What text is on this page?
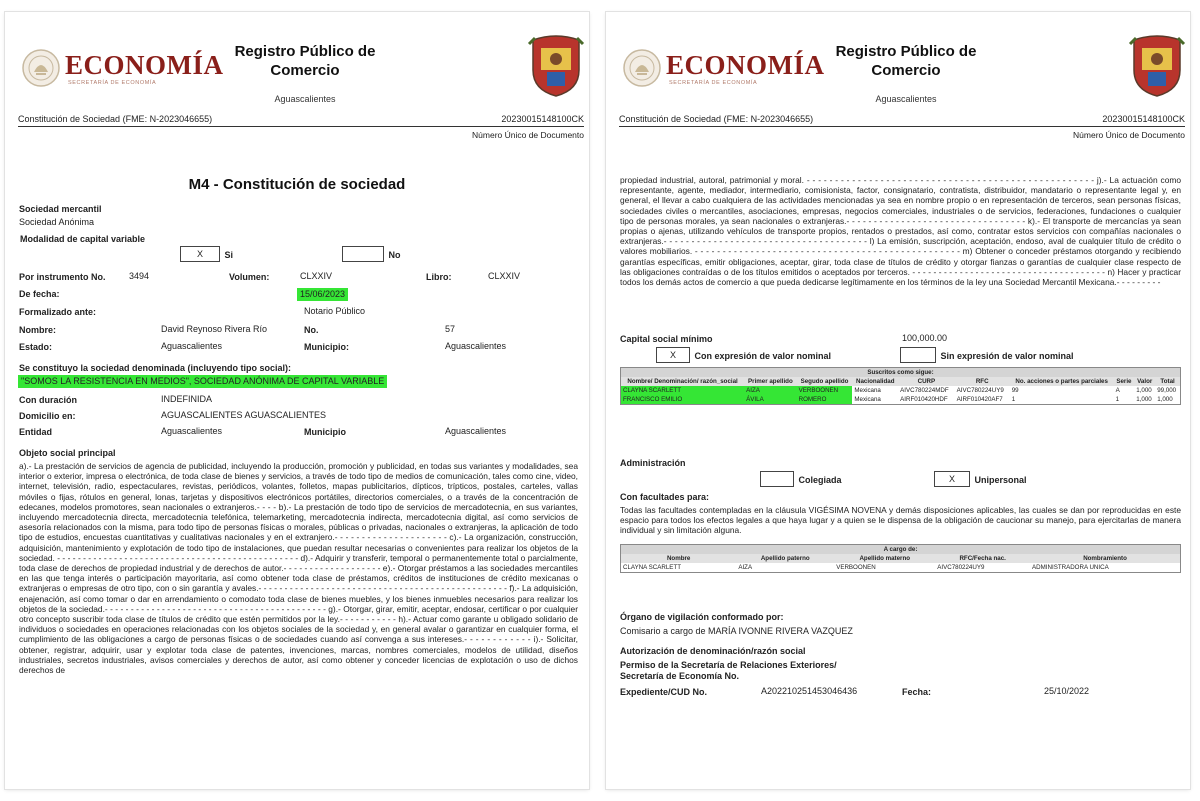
ECONOMÍA
SECRETARÍA DE ECONOMÍA
Registro Público de Comercio
Aguascalientes
Constitución de Sociedad (FME: N-2023046655)	20230015148100CK
Número Único de Documento
M4 - Constitución de sociedad
Sociedad mercantil
Sociedad Anónima
Modalidad de capital variable
X Si	No
Por instrumento No.	3494	Volumen:	CLXXIV	Libro:	CLXXIV
De fecha:	15/06/2023
Formalizado ante:	Notario Público
Nombre:	David Reynoso Rivera Río	No.	57
Estado:	Aguascalientes	Municipio:	Aguascalientes
Se constituyo la sociedad denominada (incluyendo tipo social):
"SOMOS LA RESISTENCIA EN MEDIOS", SOCIEDAD ANÓNIMA DE CAPITAL VARIABLE
Con duración	INDEFINIDA
Domicilio en:	AGUASCALIENTES AGUASCALIENTES
Entidad	Aguascalientes	Municipio	Aguascalientes
Objeto social principal
a).- La prestación de servicios de agencia de publicidad, incluyendo la producción, promoción y publicidad, en todas sus variantes y modalidades, sea interior o exterior, impresa o electrónica, de toda clase de bienes y servicios, a través de todo tipo de medios de comunicación, tales como cine, video, internet, televisión, radio, espectaculares, revistas, periódicos, volantes, folletos, mapas publicitarios, dípticos, trípticos, postales, carteles, vallas móviles o fijas, rótulos en general, lonas, tarjetas y dispositivos electrónicos portátiles, directorios comerciales, o a través de la concentración de edecanes, modelos promotores, sean nacionales o extranjeros.- - - - b).- La prestación de todo tipo de servicios de mercadotecnia, en sus variantes, incluyendo mercadotecnia directa, mercadotecnia telefónica, telemarketing, mercadotecnia indirecta, mercadotecnia digital, así como servicios de asesoría relacionados con la misma, para todo tipo de personas físicas o morales, públicas o privadas, nacionales o extranjeras, la aplicación de todo tipo de estudios, encuestas cuantitativas y cualitativas nacionales y en el extranjero.- - - - - - - - - - - - - - - - - - - - - c).- La organización, construcción, adquisición, mantenimiento y explotación de todo tipo de instalaciones, que puedan resultar necesarias o convenientes para realizar los objetos de la sociedad. - - - - - - - - - - - - - - - - - - - - - - - - - - - - - - - - - - - - - - - - - - - - - - - d).- Adquirir y transferir, temporal o permanentemente total o parcialmente, toda clase de derechos de propiedad industrial y de derechos de autor.- - - - - - - - - - - - - - - - - - - e).- Otorgar préstamos a las sociedades mercantiles en las que tenga interés o participación mayoritaria, así como obtener toda clase de préstamos, créditos de instituciones de crédito mexicanas o extranjeras o empresas de otro tipo, con o sin garantía y avales.- - - - - - - - - - - - - - - - - - - - - - - - - - - - - - - - - - - - - - - - - - - - - - - - f).- La adquisición, enajenación, así como tomar o dar en arrendamiento o comodato toda clase de bienes muebles, y los bienes inmuebles necesarios para realizar los objetos de la sociedad.- - - - - - - - - - - - - - - - - - - - - - - - - - - - - - - - - - - - - - - - - - - g).- Otorgar, girar, emitir, aceptar, endosar, certificar o por cualquier otro concepto suscribir toda clase de títulos de crédito que estén permitidos por la ley.- - - - - - - - - - - h).- Actuar como garante u obligado solidario de individuos o sociedades en operaciones relacionadas con los objetos sociales de la sociedad y, en general avalar o garantizar en cualquier forma, el cumplimiento de las obligaciones a cargo de personas físicas o de sociedades cuando así convenga a sus intereses.- - - - - - - - - - - - i).- Solicitar, obtener, registrar, adquirir, usar y explotar toda clase de patentes, invenciones, marcas, nombres comerciales, modelos de utilidad, diseños industriales, secretos industriales, avisos comerciales y derechos de autor, así como obtener y conceder licencias de explotación o uso de dichos derechos de
ECONOMÍA
SECRETARÍA DE ECONOMÍA
Registro Público de Comercio
Aguascalientes
Constitución de Sociedad (FME: N-2023046655)	20230015148100CK
Número Único de Documento
propiedad industrial, autoral, patrimonial y moral. - - - - - - - - - - - - - - - - - - - - - - - - - - - - - - - - - - - - - - - - - - - - - - - - - - - j).- La actuación como representante, agente, mediador, intermediario, comisionista, factor, consignatario, contratista, distribuidor, mandatario o representante legal y, en general, el llevar a cabo cualquiera de las actividades mencionadas ya sea en nombre propio o en representación de terceros, sean personas físicas, sociedades civiles o mercantiles, asociaciones, empresas, negocios comerciales, industriales o de servicios, federaciones, fundaciones o cualquier tipo de personas morales, ya sean nacionales o extranjeras.- - - - - - - - - - - - - - - - - - - - - - - - - - - - - - - - - k).- El transporte de mercancías ya sean propias o ajenas, utilizando vehículos de transporte propios, rentados o prestados, así como, contratar estos servicios con compañías nacionales o extranjeras.- - - - - - - - - - - - - - - - - - - - - - - - - - - - - - - - - - - - - l) La emisión, suscripción, aceptación, endoso, aval de cualquier título de crédito o valores mobiliarios. - - - - - - - - - - - - - - - - - - - - - - - - - - - - - - - - - - - - - - - - - - - - - - - - m) Obtener o conceder préstamos otorgando y recibiendo garantías específicas, emitir obligaciones, aceptar, girar, toda clase de títulos de crédito y otorgar fianzas o garantías de cualquier clase respecto de las obligaciones contraídas o de los títulos emitidos o aceptados por terceros. - - - - - - - - - - - - - - - - - - - - - - - - - - - - - - - - - - - - - n) Hacer y practicar todos los demás actos de comercio a que pueda dedicarse legítimamente en los términos de la ley una Sociedad Mercantil Mexicana.- - - - - - - - -
Capital social mínimo	100,000.00
X Con expresión de valor nominal	Sin expresión de valor nominal
Suscritos como sigue:									
Nombre/ Denominación/ razón_social	Primer apellido	Segudo apellido	Nacionalidad	CURP	RFC	No. acciones o partes parciales	Serie	Valor	Total
CLAYNA SCARLETT	AIZA	VERBOONEN	Mexicana	AIVC780224MDF	AIVC780224UY9	99	A	1,000	99,000
FRANCISCO EMILIO	ÁVILA	ROMERO	Mexicana	AIRF010420HDF	AIRF010420AF7	1	1	1,000	1,000
Administración
Colegiada	X Unipersonal
Con facultades para:
Todas las facultades contempladas en la cláusula VIGÉSIMA NOVENA y demás disposiciones aplicables, las cuales se dan por reproducidas en este espacio para todos los efectos legales a que haya lugar y a quien se le dispensa de la obligación de caucionar su manejo, para ejercitarlas de manera individual y sin limitación alguna.
A cargo de:				
Nombre	Apellido paterno	Apellido materno	RFC/Fecha nac.	Nombramiento
CLAYNA SCARLETT	AIZA	VERBOONEN	AIVC780224UY9	ADMINISTRADORA UNICA
Órgano de vigilación conformado por:
Comisario a cargo de MARÍA IVONNE RIVERA VAZQUEZ
Autorización de denominación/razón social
Permiso de la Secretaría de Relaciones Exteriores/ Secretaría de Economía No.
Expediente/CUD No.	A202210251453046436	Fecha:	25/10/2022
